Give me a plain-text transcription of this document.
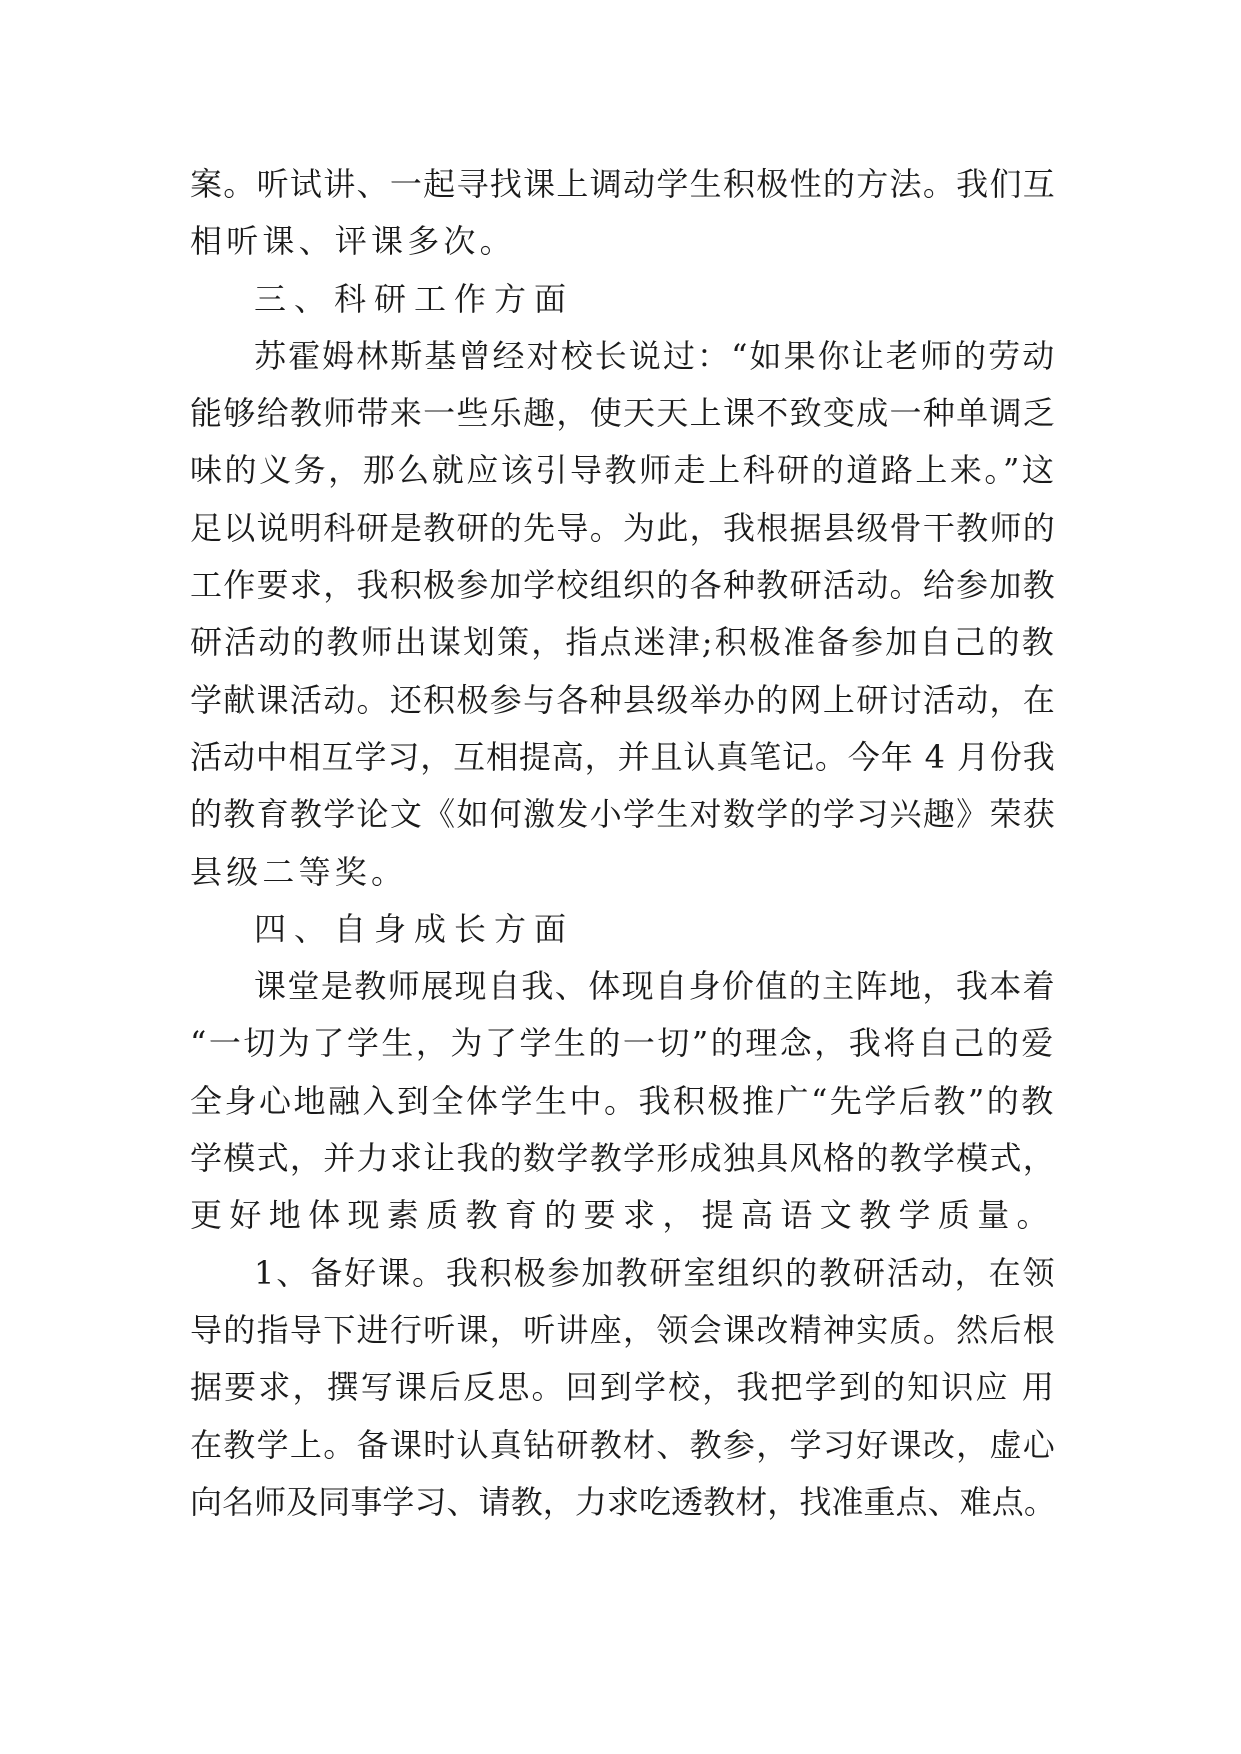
案。听试讲、一起寻找课上调动学生积极性的方法。我们互
相听课、评课多次。
三、科研工作方面
苏霍姆林斯基曾经对校长说过：“如果你让老师的劳动
能够给教师带来一些乐趣，使天天上课不致变成一种单调乏
味的义务，那么就应该引导教师走上科研的道路上来。”这
足以说明科研是教研的先导。为此，我根据县级骨干教师的
工作要求，我积极参加学校组织的各种教研活动。给参加教
研活动的教师出谋划策，指点迷津;积极准备参加自己的教
学献课活动。还积极参与各种县级举办的网上研讨活动，在
活动中相互学习，互相提高，并且认真笔记。今年 4 月份我
的教育教学论文《如何激发小学生对数学的学习兴趣》荣获
县级二等奖。
四、自身成长方面
课堂是教师展现自我、体现自身价值的主阵地，我本着
“一切为了学生，为了学生的一切”的理念，我将自己的爱
全身心地融入到全体学生中。我积极推广“先学后教”的教
学模式，并力求让我的数学教学形成独具风格的教学模式，
更好地体现素质教育的要求，提高语文教学质量。
1、备好课。我积极参加教研室组织的教研活动，在领
导的指导下进行听课，听讲座，领会课改精神实质。然后根
据要求，撰写课后反思。回到学校，我把学到的知识应 用
在教学上。备课时认真钻研教材、教参，学习好课改，虚心
向名师及同事学习、请教，力求吃透教材，找准重点、难点。
